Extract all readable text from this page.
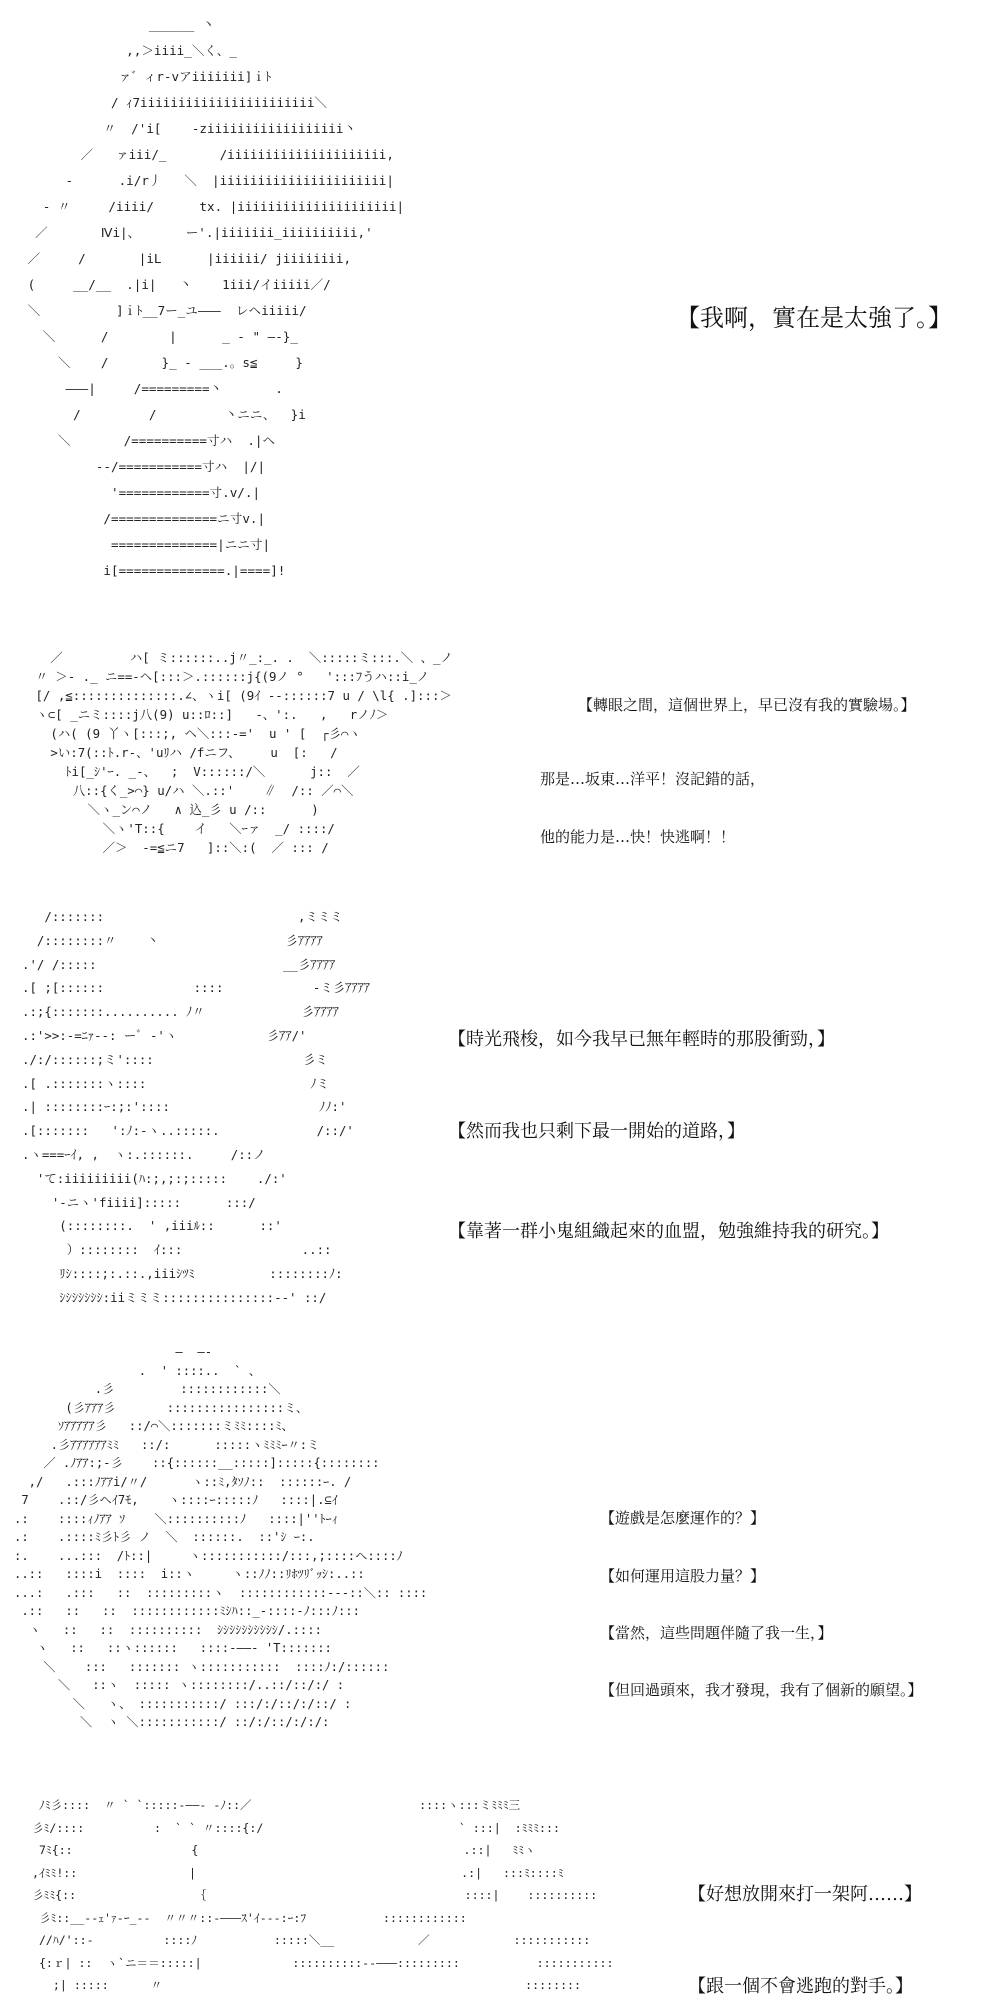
______ 丶
,,＞iiii_＼く、_
ァ゛ィr‐vアiiiiiii]ｉﾄ
/ ｨ7iiiiiiiiiiiiiiiiiiiiiii＼
〃  /'i[    ‐ziiiiiiiiiiiiiiiiii丶
／   ァiii/_       /iiiiiiiiiiiiiiiiiiiii,
‐      .i/r丿   ＼  |iiiiiiiiiiiiiiiiiiiiii|
- 〃     /iiii/      tx. |iiiiiiiiiiiiiiiiiiiii|
／       Ⅳi|、      ー'.|iiiiiii_iiiiiiiiii,'
／     /       |iL      |iiiiii/ jiiiiiiii,
(     __/__  .|i|   丶    1iii/イiiiii／/
＼          ]ｉﾄ__7ー_ユ―――  レヘiiiii/
＼      /        |      _ ‐ " ―‐}_
＼    /       }_ - ___.。s≦     }
―――|     /=========丶       .
/         /         丶ニニ、  }i
＼       /==========寸ハ  .|ヘ
--/===========寸ハ  |/|
'============寸.v/.|
/==============ニ寸v.|
==============|ニニ寸|
i[==============.|====]!
【我啊，實在是太強了。】
／         ハ[ ミ::::::..j〃_:_. .  ＼:::::ミ:::.＼ 、_ノ
〃 ＞- ._ ニ==‐ヘ[:::＞.::::::j{(9ノ °   ':::ﾌうハ::i_ノ
[/ ,≦::::::::::::::.∠、ヽi[ (9ｲ ‐‐::::::7 u / \l{ .]:::＞
ヽ⊂[ _ニミ::::j八(9) u::ﾛ::]   -、':.   ,   rノﾉ＞
(ハ( (9 丫ヽ[:::;, ヘ＼:::‐='  u ' [  ┌彡⌒ヽ
>い:7(::ﾄ.r-、'uﾘハ /fニフ、    u  [:   /
ﾄi[_ｼ'ｰ. _‐、  ;  V::::::/＼      j::  ／
八::{く_>⌒} u/ハ ＼.::'    ∥  /:: ／⌒＼
＼ヽ_ン⌒ノ   ∧ 込_彡 u /::      )
＼ヽ'T::{    イ   ＼ｰァ  _/ ::::/
／＞  -=≦ニ7   ]::＼:(  ／ ::: /
【轉眼之間，這個世界上，早已沒有我的實驗場。】
那是…坂東…洋平！沒記錯的話，
他的能力是…快！快逃啊！！
/:::::::                          ,ミミミ
/::::::::〃    丶                 彡ｱｱｱｱ
.'/ /:::::                         __彡ｱｱｱｱ
.[ ;[::::::            ::::            ‐ミ彡ｱｱｱｱ
.:;{:::::::.......... ﾉ〃             彡ｱｱｱｱ
.:'>>:-=ﾆｧ‐-: ーﾞ ‐'ヽ            彡ｱｱ/'
./:/::::::;ミ'::::                    彡ミ
.[ .:::::::ヽ::::                      ﾉミ
.| ::::::::ｰ:;:'::::                    ﾉﾉ:'
.[:::::::   ':ﾉ:-ヽ..:::::.             /::/'
.ヽ===ｰｲ, ,  ヽ:.::::::.     /::ノ
'て:iiiiiiiii(ﾊ:;,;:;:::::    ./:'
'‐ニヽ'fiiii]:::::      :::/
(::::::::.  ' ,iiiﾙ::      ::'
）::::::::  ｲ:::                ..::
ﾘｼ::::;:.::.,iiiｼﾂﾐ          ::::::::ﾉ:
ｼｼｼｼｼｼｼ:iiミミミ:::::::::::::::‐‐' ::/
【時光飛梭，如今我早已無年輕時的那股衝勁，】
【然而我也只剩下最一開始的道路，】
【靠著一群小鬼組織起來的血盟，勉強維持我的研究。】
―  ―‐
.  ' ::::..  ` 、
.彡         ::::::::::::＼
(彡ｱｱｱ彡       ::::::::::::::::ミ、
ｿｱｱｱｱｱ彡   ::/⌒＼:::::::ミﾐﾐ::::ﾐ、
.彡ｱｱｱｱｱｱﾐﾐ   ::/:      :::::ヽﾐﾐﾐｰ〃:ミ
／ .ﾉｱｱ:;-彡    ::{::::::__:::::]:::::{::::::::
,/   .:::ﾉｱｱi/〃/      ヽ::ﾐ,ﾀｿﾉ::  ::::::ｰ. /
7    .::/彡ヘｲ7ﾓ,    ヽ::::ｰ:::::ﾉ   ::::|.⊆ｲ
.:    ::::ｨﾉｱｱ ｿ    ＼::::::::::ﾉ   ::::|''ﾄｰｨ
.:    .::::ﾐ彡ﾄ彡 ノ  ＼  ::::::.  ::'ｼ ｰ:.
:.    ...:::  /ﾄ::|     ヽ:::::::::::/:::,;::::ヘ::::ﾉ
..::   ::::i  ::::  i::ヽ     ヽ::ﾉﾉ::ﾘﾎﾂﾘﾞｯｼ:..::
...:   .:::   ::  :::::::::ヽ  ::::::::::::---::＼:: ::::
.::   ::   ::  ::::::::::::ﾐｼﾊ::_-::::-ﾉ:::ﾉ:::
ヽ   ::   ::  ::::::::::  ｼｼｼｼｼｼｼｼｼｼ/.::::
ヽ   ::   ::ヽ::::::   ::::‐――‐ 'T:::::::
＼    :::   ::::::: ヽ:::::::::::  ::::ﾉ:/::::::
＼   ::ヽ  ::::: ヽ::::::::/..::/::/:/ :
＼   ヽ、 :::::::::::/ :::/:/::/:/::/ :
＼  ヽ ＼:::::::::::/ ::/:/::/:/:/:
【遊戲是怎麼運作的？】
【如何運用這股力量？】
【當然，這些問題伴隨了我一生，】
【但回過頭來，我才發現，我有了個新的願望。】
ﾉﾐ彡::::  〃 ` `:::::‐――- ‐ﾉ::／                        ::::ヽ:::ミﾐﾐﾐ三
彡ﾐ/::::          :  ` ` 〃::::{:/                            ` :::|  :ﾐﾐﾐ:::
7ﾐ{::                 {                                      .::|   ﾐﾐヽ
,ｲﾐﾐ!::                |                                      .:|   :::ﾐ::::ﾐ
彡ﾐﾐ{::                 ｛                                     ::::|    ::::::::::
彡ﾐ::__-‐ｪ'ｧ‐ｰ_-‐  〃〃〃::‐―――ｽ'ｲ‐‐‐:ｰ:ﾌ           ::::::::::::
//ﾊ/'::-          ::::ﾉ           :::::＼__            ／            :::::::::::
{:ｒ| ::  ヽ`ニ＝＝:::::|             ::::::::::‐‐―――:::::::::           :::::::::::
;| :::::      〃                                                    ::::::::
【好想放開來打一架阿……】
【跟一個不會逃跑的對手。】
